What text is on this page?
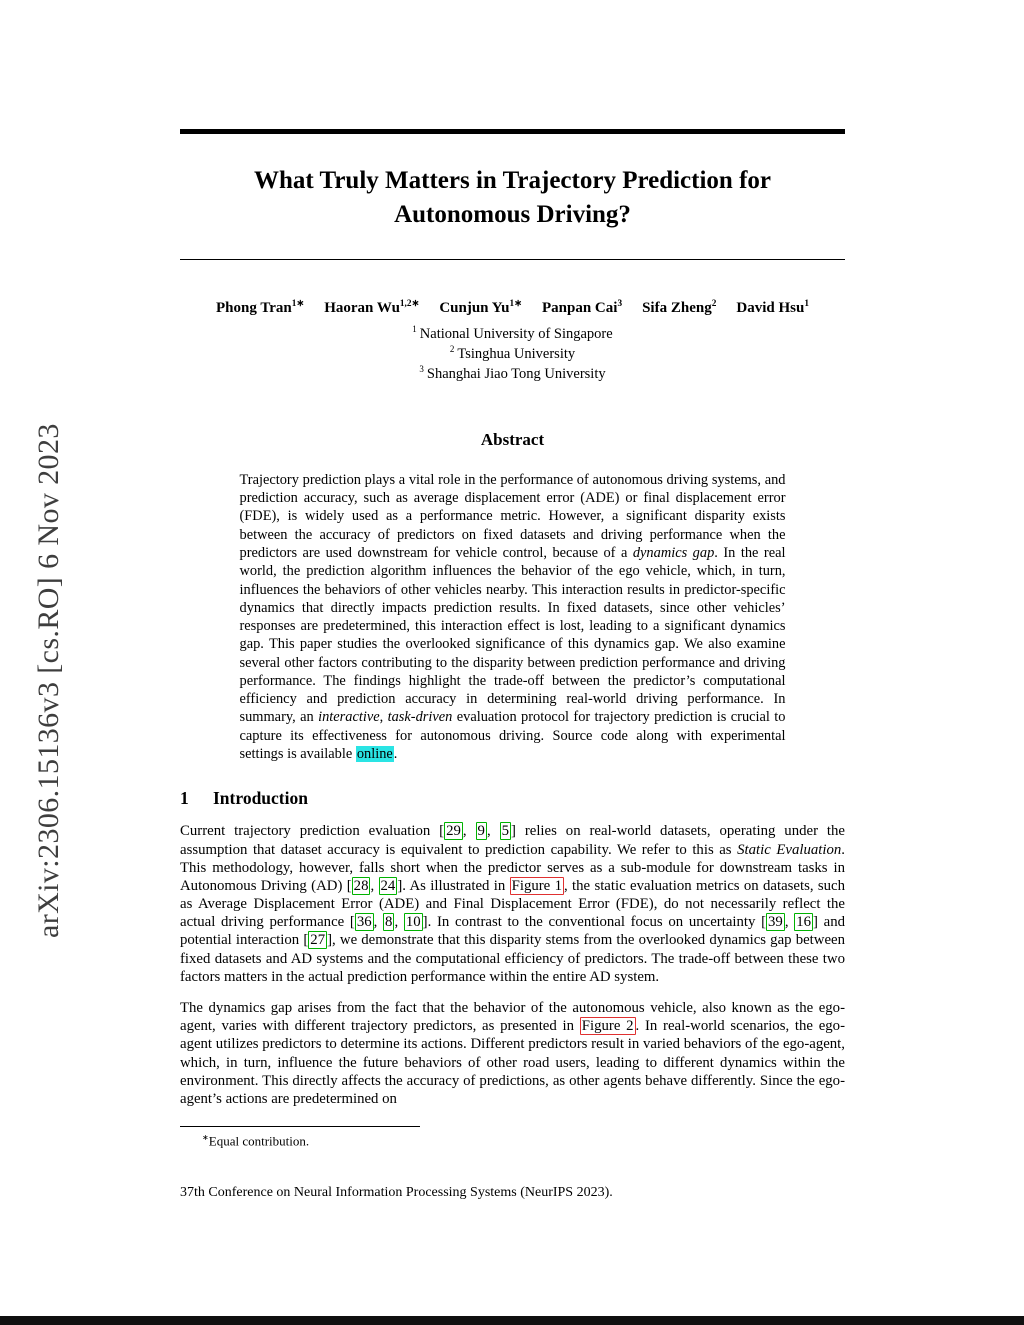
arXiv:2306.15136v3 [cs.RO] 6 Nov 2023
What Truly Matters in Trajectory Prediction for
Autonomous Driving?
Phong Tran$^{1∗}$ Haoran $Wu^{1,2∗}$ Cunjun $Yu^{1∗}$ Panpan Cai$^3$ Sifa Zheng$^2$ David Hsu$^1$
$^1$ National University of Singapore
$^2$ Tsinghua University
$^3$ Shanghai Jiao Tong University
Abstract
Trajectory prediction plays a vital role in the performance of autonomous driving systems, and prediction accuracy, such as average displacement error (ADE) or final displacement error (FDE), is widely used as a performance metric. However, a significant disparity exists between the accuracy of predictors on fixed datasets and driving performance when the predictors are used downstream for vehicle control, because of a dynamics gap. In the real world, the prediction algorithm influences the behavior of the ego vehicle, which, in turn, influences the behaviors of other vehicles nearby. This interaction results in predictor-specific dynamics that directly impacts prediction results. In fixed datasets, since other vehicles’ responses are predetermined, this interaction effect is lost, leading to a significant dynamics gap. This paper studies the overlooked significance of this dynamics gap. We also examine several other factors contributing to the disparity between prediction performance and driving performance. The findings highlight the trade-off between the predictor’s computational efficiency and prediction accuracy in determining real-world driving performance. In summary, an interactive, task-driven evaluation protocol for trajectory prediction is crucial to capture its effectiveness for autonomous driving. Source code along with experimental settings is available online.
1 Introduction

Current trajectory prediction evaluation [ 29 , 9 , 5 ] relies on real-world datasets, operating under the assumption that dataset accuracy is equivalent to prediction capability. We refer to this as Static Evaluation. This methodology, however, falls short when the predictor serves as a sub-module for downstream tasks in Autonomous Driving (AD) [ 28 , 24 ]. As illustrated in Figure 1 , the static evaluation metrics on datasets, such as Average Displacement Error (ADE) and Final Displacement Error (FDE), do not necessarily reflect the actual driving performance [ 36 , 8 , 10 ]. In contrast to the conventional focus on uncertainty [ 39 , 16 ] and potential interaction [ 27 ], we demonstrate that this disparity stems from the overlooked dynamics gap between fixed datasets and AD systems and the computational efficiency of predictors. The trade-off between these two factors matters in the actual prediction performance within the entire AD system.

The dynamics gap arises from the fact that the behavior of the autonomous vehicle, also known as the ego-agent, varies with different trajectory predictors, as presented in Figure 2 . In real-world scenarios, the ego-agent utilizes predictors to determine its actions. Different predictors result in varied behaviors of the ego-agent, which, in turn, influence the future behaviors of other road users, leading to different dynamics within the environment. This directly affects the accuracy of predictions, as other agents behave differently. Since the ego-agent’s actions are predetermined on

∗Equal contribution.
37th Conference on Neural Information Processing Systems (NeurIPS 2023).
